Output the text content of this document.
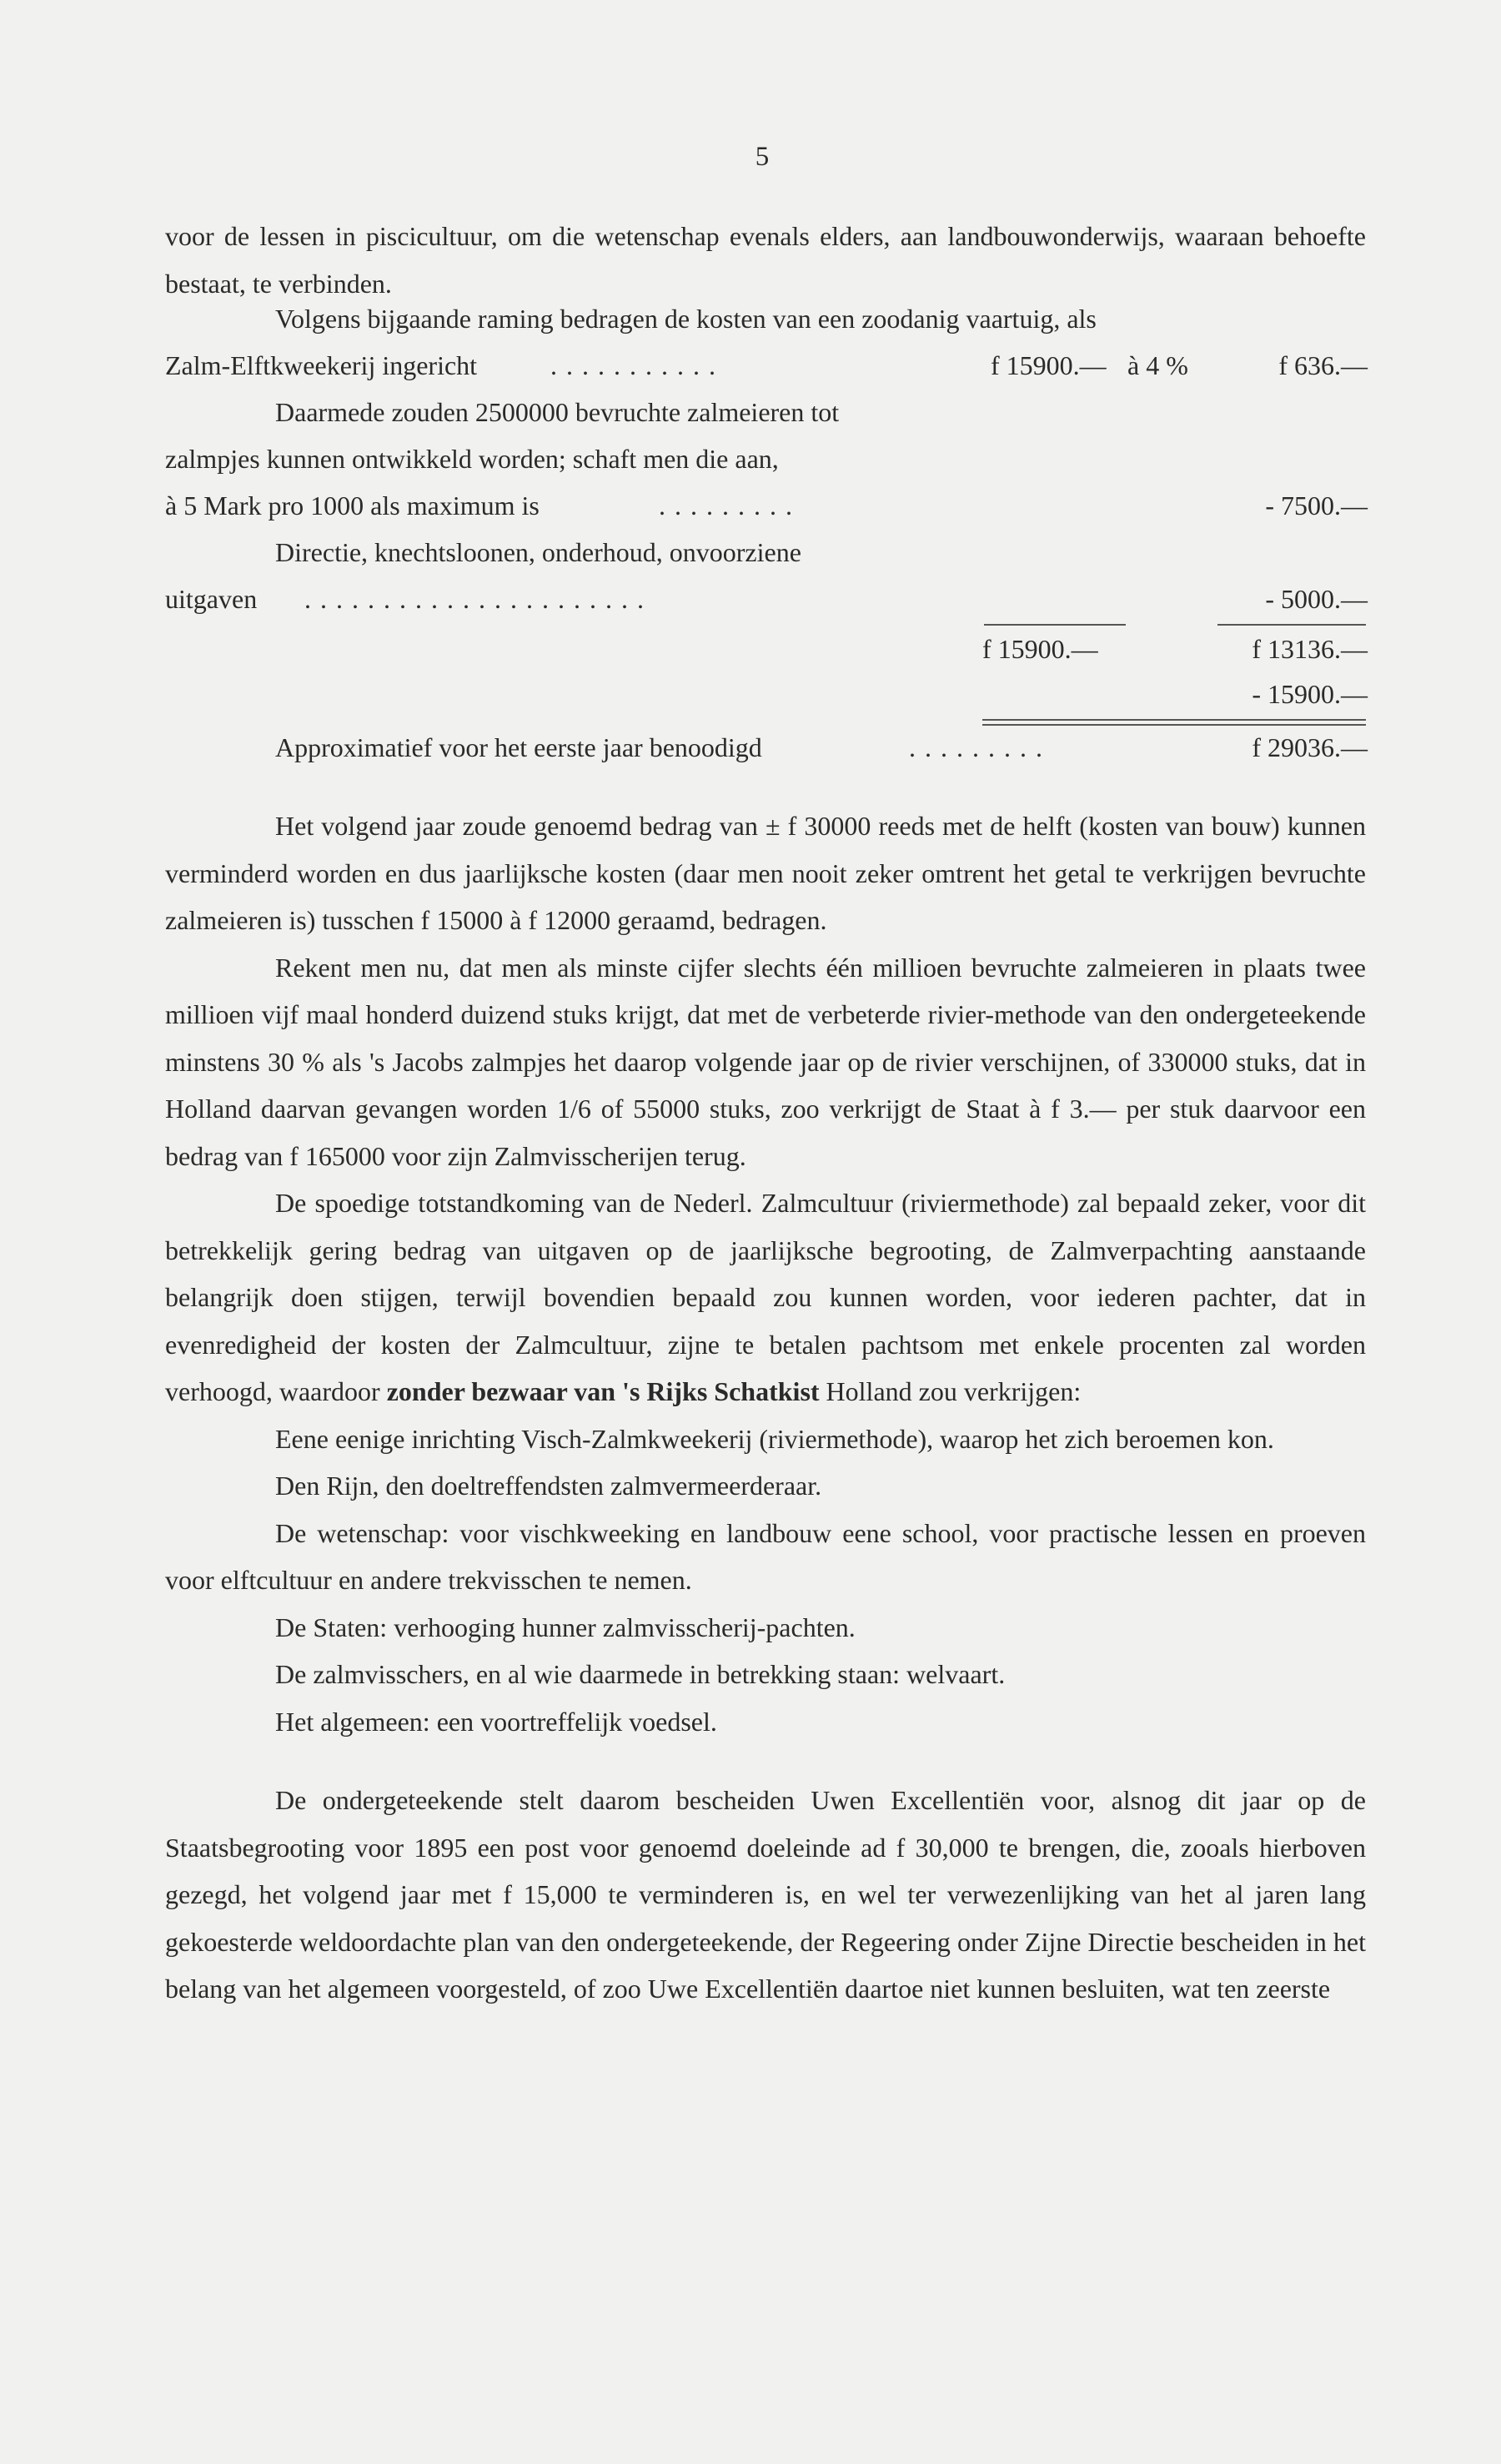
5

voor de lessen in piscicultuur, om die wetenschap evenals elders, aan landbouwonderwijs, waaraan behoefte bestaat, te verbinden.

Volgens bijgaande raming bedragen de kosten van een zoodanig vaartuig, als
Zalm-Elftkweekerij ingericht	...........	f 15900.— à 4 %	f 636.—
Daarmede zouden 2500000 bevruchte zalmeieren tot
zalmpjes kunnen ontwikkeld worden; schaft men die aan,
à 5 Mark pro 1000 als maximum is	.........	- 7500.—
Directie, knechtsloonen, onderhoud, onvoorziene
uitgaven ......................	- 5000.—
f 15900.—	f 13136.—
- 15900.—
Approximatief voor het eerste jaar benoodigd	.........	f 29036.—

Het volgend jaar zoude genoemd bedrag van ± f 30000 reeds met de helft (kosten van bouw) kunnen verminderd worden en dus jaarlijksche kosten (daar men nooit zeker omtrent het getal te verkrijgen bevruchte zalmeieren is) tusschen f 15000 à f 12000 geraamd, bedragen.

Rekent men nu, dat men als minste cijfer slechts één millioen bevruchte zalmeieren in plaats twee millioen vijf maal honderd duizend stuks krijgt, dat met de verbeterde rivier-methode van den ondergeteekende minstens 30 % als 's Jacobs zalmpjes het daarop volgende jaar op de rivier verschijnen, of 330000 stuks, dat in Holland daarvan gevangen worden 1/6 of 55000 stuks, zoo verkrijgt de Staat à f 3.— per stuk daarvoor een bedrag van f 165000 voor zijn Zalmvisscherijen terug.

De spoedige totstandkoming van de Nederl. Zalmcultuur (riviermethode) zal bepaald zeker, voor dit betrekkelijk gering bedrag van uitgaven op de jaarlijksche begrooting, de Zalmverpachting aanstaande belangrijk doen stijgen, terwijl bovendien bepaald zou kunnen worden, voor iederen pachter, dat in evenredigheid der kosten der Zalmcultuur, zijne te betalen pachtsom met enkele procenten zal worden verhoogd, waardoor zonder bezwaar van 's Rijks Schatkist Holland zou verkrijgen:

Eene eenige inrichting Visch-Zalmkweekerij (riviermethode), waarop het zich beroemen kon.

Den Rijn, den doeltreffendsten zalmvermeerderaar.

De wetenschap: voor vischkweeking en landbouw eene school, voor practische lessen en proeven voor elftcultuur en andere trekvisschen te nemen.

De Staten: verhooging hunner zalmvisscherij-pachten.

De zalmvisschers, en al wie daarmede in betrekking staan: welvaart.

Het algemeen: een voortreffelijk voedsel.

De ondergeteekende stelt daarom bescheiden Uwen Excellentiën voor, alsnog dit jaar op de Staatsbegrooting voor 1895 een post voor genoemd doeleinde ad f 30,000 te brengen, die, zooals hierboven gezegd, het volgend jaar met f 15,000 te verminderen is, en wel ter verwezenlijking van het al jaren lang gekoesterde weldoordachte plan van den ondergeteekende, der Regeering onder Zijne Directie bescheiden in het belang van het algemeen voorgesteld, of zoo Uwe Excellentiën daartoe niet kunnen besluiten, wat ten zeerste
